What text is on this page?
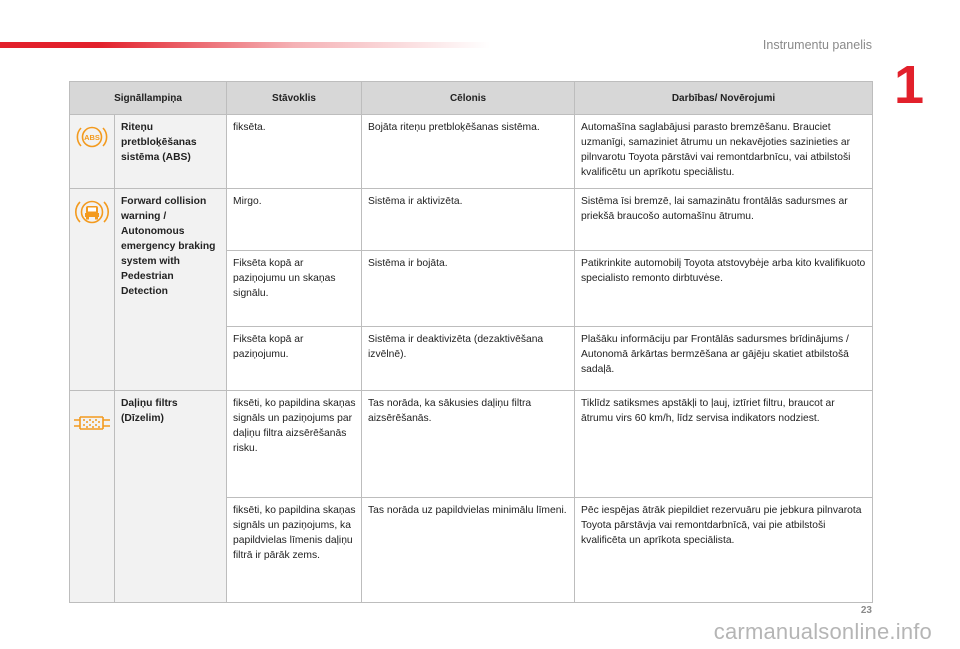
Instrumentu panelis
1
Signāllampiņa		Stāvoklis	Cēlonis	Darbības/ Novērojumi

ABS	Riteņu pretbloķēšanas sistēma (ABS)	fiksēta.	Bojāta riteņu pretbloķēšanas sistēma.	Automašīna saglabājusi parasto bremzēšanu. Brauciet uzmanīgi, samaziniet ātrumu un nekavējoties sazinieties ar pilnvarotu Toyota pārstāvi vai remontdarbnīcu, vai atbilstoši kvalificētu un aprīkotu speciālistu.
	Forward collision warning / Autonomous emergency braking system with Pedestrian Detection	Mirgo.	Sistēma ir aktivizēta.	Sistēma īsi bremzē, lai samazinātu frontālās sadursmes ar priekšā braucošo automašīnu ātrumu.
		Fiksēta kopā ar paziņojumu un skaņas signālu.	Sistēma ir bojāta.	Patikrinkite automobilį Toyota atstovybėje arba kito kvalifikuoto specialisto remonto dirbtuvėse.
		Fiksēta kopā ar paziņojumu.	Sistēma ir deaktivizēta (dezaktivēšana izvēlnē).	Plašāku informāciju par Frontālās sadursmes brīdinājums / Autonomā ārkārtas bermzēšana ar gājēju skatiet atbilstošā sadaļā.
	Daļiņu filtrs (Dīzelim)	fiksēti, ko papildina skaņas signāls un paziņojums par daļiņu filtra aizsērēšanās risku.	Tas norāda, ka sākusies daļiņu filtra aizsērēšanās.	Tiklīdz satiksmes apstākļi to ļauj, iztīriet filtru, braucot ar ātrumu virs 60 km/h, līdz servisa indikators nodziest.
		fiksēti, ko papildina skaņas signāls un paziņojums, ka papildvielas līmenis daļiņu filtrā ir pārāk zems.	Tas norāda uz papildvielas minimālu līmeni.	Pēc iespējas ātrāk piepildiet rezervuāru pie jebkura pilnvarota Toyota pārstāvja vai remontdarbnīcā, vai pie atbilstoši kvalificēta un aprīkota speciālista.
23
carmanualsonline.info
